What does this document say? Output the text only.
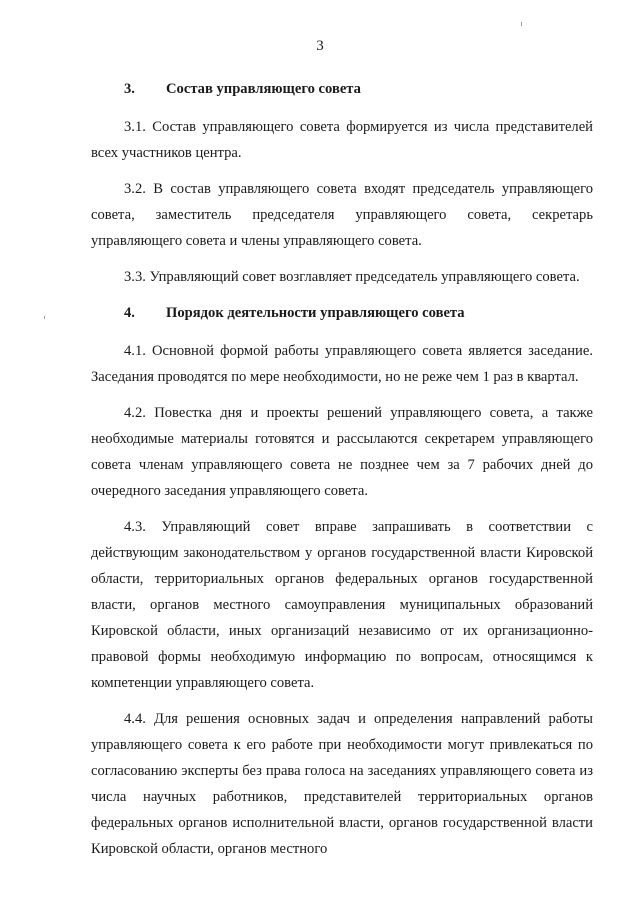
3

3. Состав управляющего совета

3.1. Состав управляющего совета формируется из числа представителей всех участников центра.

3.2. В состав управляющего совета входят председатель управляющего совета, заместитель председателя управляющего совета, секретарь управляющего совета и члены управляющего совета.

3.3. Управляющий совет возглавляет председатель управляющего совета.

4. Порядок деятельности управляющего совета

4.1. Основной формой работы управляющего совета является заседание. Заседания проводятся по мере необходимости, но не реже чем 1 раз в квартал.

4.2. Повестка дня и проекты решений управляющего совета, а также необходимые материалы готовятся и рассылаются секретарем управляющего совета членам управляющего совета не позднее чем за 7 рабочих дней до очередного заседания управляющего совета.

4.3. Управляющий совет вправе запрашивать в соответствии с действующим законодательством у органов государственной власти Кировской области, территориальных органов федеральных органов государственной власти, органов местного самоуправления муниципальных образований Кировской области, иных организаций независимо от их организационно-правовой формы необходимую информацию по вопросам, относящимся к компетенции управляющего совета.

4.4. Для решения основных задач и определения направлений работы управляющего совета к его работе при необходимости могут привлекаться по согласованию эксперты без права голоса на заседаниях управляющего совета из числа научных работников, представителей территориальных органов федеральных органов исполнительной власти, органов государственной власти Кировской области, органов местного
